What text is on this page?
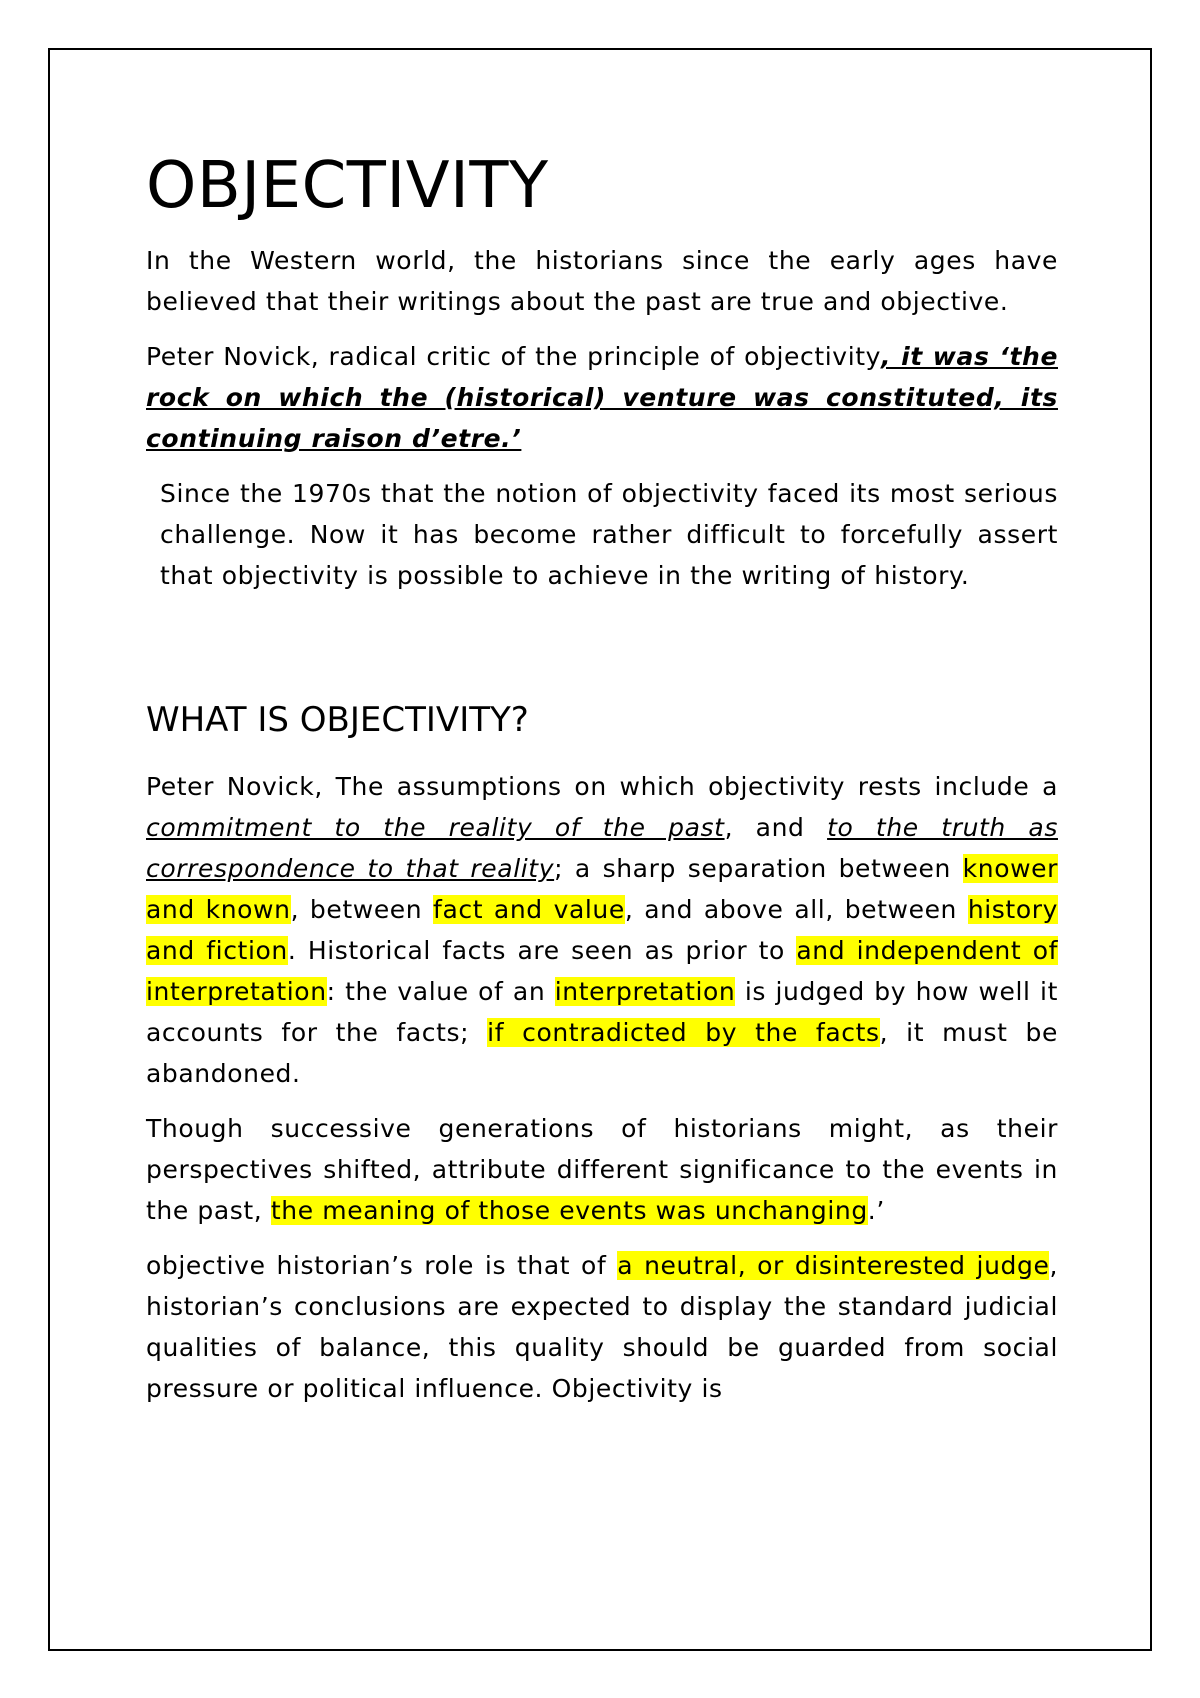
OBJECTIVITY

In the Western world, the historians since the early ages have believed that their writings about the past are true and objective.

Peter Novick, radical critic of the principle of objectivity, it was ‘the rock on which the (historical) venture was constituted, its continuing raison d’etre.’

Since the 1970s that the notion of objectivity faced its most serious challenge. Now it has become rather difficult to forcefully assert that objectivity is possible to achieve in the writing of history.

WHAT IS OBJECTIVITY?

Peter Novick, The assumptions on which objectivity rests include a commitment to the reality of the past, and to the truth as correspondence to that reality; a sharp separation between knower and known, between fact and value, and above all, between history and fiction. Historical facts are seen as prior to and independent of interpretation: the value of an interpretation is judged by how well it accounts for the facts; if contradicted by the facts, it must be abandoned.

Though successive generations of historians might, as their perspectives shifted, attribute different significance to the events in the past, the meaning of those events was unchanging.’

objective historian’s role is that of a neutral, or disinterested judge, historian’s conclusions are expected to display the standard judicial qualities of balance, this quality should be guarded from social pressure or political influence. Objectivity is
